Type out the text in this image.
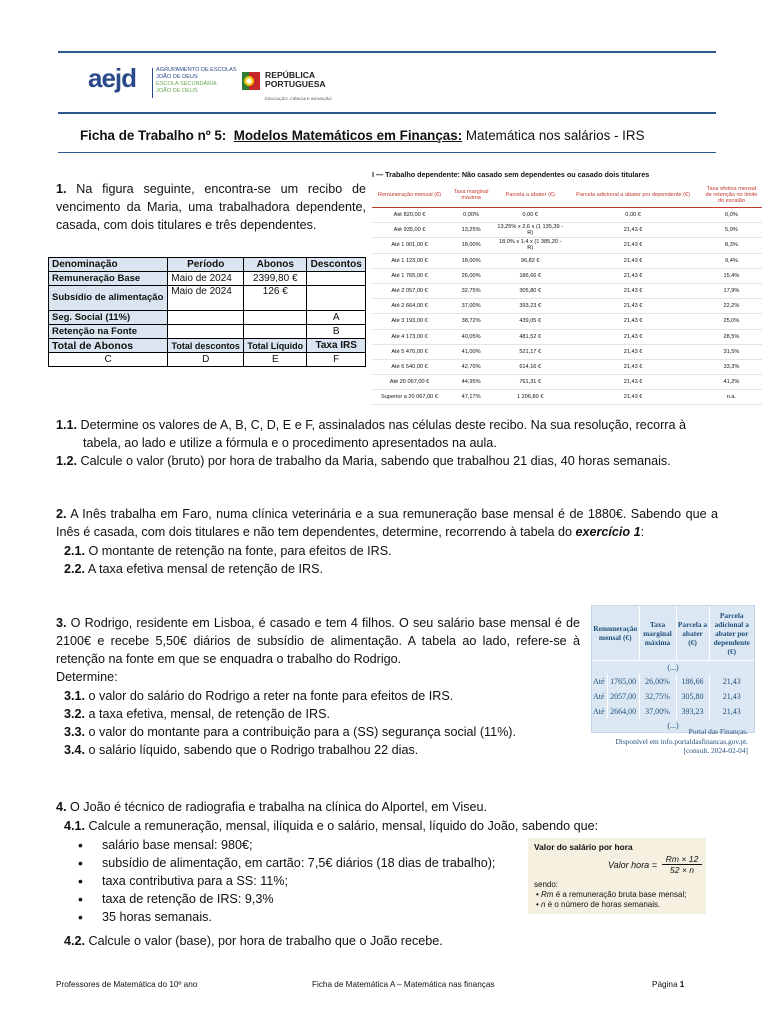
aejd	AGRUPAMENTO DE ESCOLAS
JOÃO DE DEUS
ESCOLA SECUNDÁRIA
JOÃO DE DEUS
REPÚBLICA
PORTUGUESA
EDUCAÇÃO, CIÊNCIA E INOVAÇÃO
Ficha de Trabalho nº 5: Modelos Matemáticos em Finanças: Matemática nos salários - IRS
1. Na figura seguinte, encontra-se um recibo de vencimento da Maria, uma trabalhadora dependente, casada, com dois titulares e três dependentes.
Denominação	Período	Abonos	Descontos
Remuneração Base	Maio de 2024	2399,80 €	
Subsídio de alimentação	Maio de 2024	126 €	
Seg. Social (11%)			A
Retenção na Fonte			B
Total de Abonos	Total descontos	Total Líquido	Taxa IRS
C	D	E	F
I — Trabalho dependente: Não casado sem dependentes ou casado dois titulares
Remuneração mensal (€)	Taxa marginal máxima	Parcela a abater (€)	Parcela adicional a abater por dependente (€)	Taxa efetiva mensal de retenção no limite do escalão
Até 820,00 €	0,00%	0,00 €	0,00 €	0,0%
Até 935,00 €	13,25%	13,25% x 2,6 x (1 135,39 - R)	21,43 €	5,9%
Até 1 001,00 €	18,00%	18,0% x 1,4 x (1 385,20 - R)	21,43 €	8,3%
Até 1 123,00 €	18,00%	96,82 €	21,43 €	9,4%
Até 1 765,00 €	26,00%	186,66 €	21,43 €	15,4%
Até 2 057,00 €	32,75%	305,80 €	21,43 €	17,9%
Até 2 664,00 €	37,00%	393,23 €	21,43 €	22,2%
Até 3 193,00 €	38,72%	439,05 €	21,43 €	25,0%
Até 4 173,00 €	40,05%	481,52 €	21,43 €	28,5%
Até 5 470,00 €	41,00%	521,17 €	21,43 €	31,5%
Até 6 540,00 €	42,70%	614,16 €	21,43 €	33,3%
Até 20 067,00 €	44,95%	761,31 €	21,43 €	41,2%
Superior a 20 067,00 €	47,17%	1 206,80 €	21,43 €	n.a.
1.1. Determine os valores de A, B, C, D, E e F, assinalados nas células deste recibo. Na sua resolução, recorra à tabela, ao lado e utilize a fórmula e o procedimento apresentados na aula.
1.2. Calcule o valor (bruto) por hora de trabalho da Maria, sabendo que trabalhou 21 dias, 40 horas semanais.
2. A Inês trabalha em Faro, numa clínica veterinária e a sua remuneração base mensal é de 1880€. Sabendo que a Inês é casada, com dois titulares e não tem dependentes, determine, recorrendo à tabela do exercício 1:
2.1. O montante de retenção na fonte, para efeitos de IRS.
2.2. A taxa efetiva mensal de retenção de IRS.
3. O Rodrigo, residente em Lisboa, é casado e tem 4 filhos. O seu salário base mensal é de 2100€ e recebe 5,50€ diários de subsídio de alimentação. A tabela ao lado, refere-se à retenção na fonte em que se enquadra o trabalho do Rodrigo.
Determine:
3.1. o valor do salário do Rodrigo a reter na fonte para efeitos de IRS.
3.2. a taxa efetiva, mensal, de retenção de IRS.
3.3. o valor do montante para a contribuição para a (SS) segurança social (11%).
3.4. o salário líquido, sabendo que o Rodrigo trabalhou 22 dias.
Remuneração mensal (€)		Taxa marginal máxima	Parcela a abater (€)	Parcela adicional a abater por dependente (€)
(...)				
Até	1765,00	26,00%	186,66	21,43
Até	2057,00	32,75%	305,80	21,43
Até	2664,00	37,00%	393,23	21,43
(...)				
Portal das Finanças.
Disponível em info.portaldasfinancas.gov.pt.
[consult. 2024-02-04]
4. O João é técnico de radiografia e trabalha na clínica do Alportel, em Viseu.
4.1. Calcule a remuneração, mensal, ilíquida e o salário, mensal, líquido do João, sabendo que:
• salário base mensal: 980€;
• subsídio de alimentação, em cartão: 7,5€ diários (18 dias de trabalho);
• taxa contributiva para a SS: 11%;
• taxa de retenção de IRS: 9,3%
• 35 horas semanais.
4.2. Calcule o valor (base), por hora de trabalho que o João recebe.
Valor do salário por hora
Valor hora =
Rm × 12
52 × n
sendo:
• Rm é a remuneração bruta base mensal;
• n é o número de horas semanais.
Professores de Matemática do 10º ano	Ficha de Matemática A – Matemática nas finanças	Página 1
